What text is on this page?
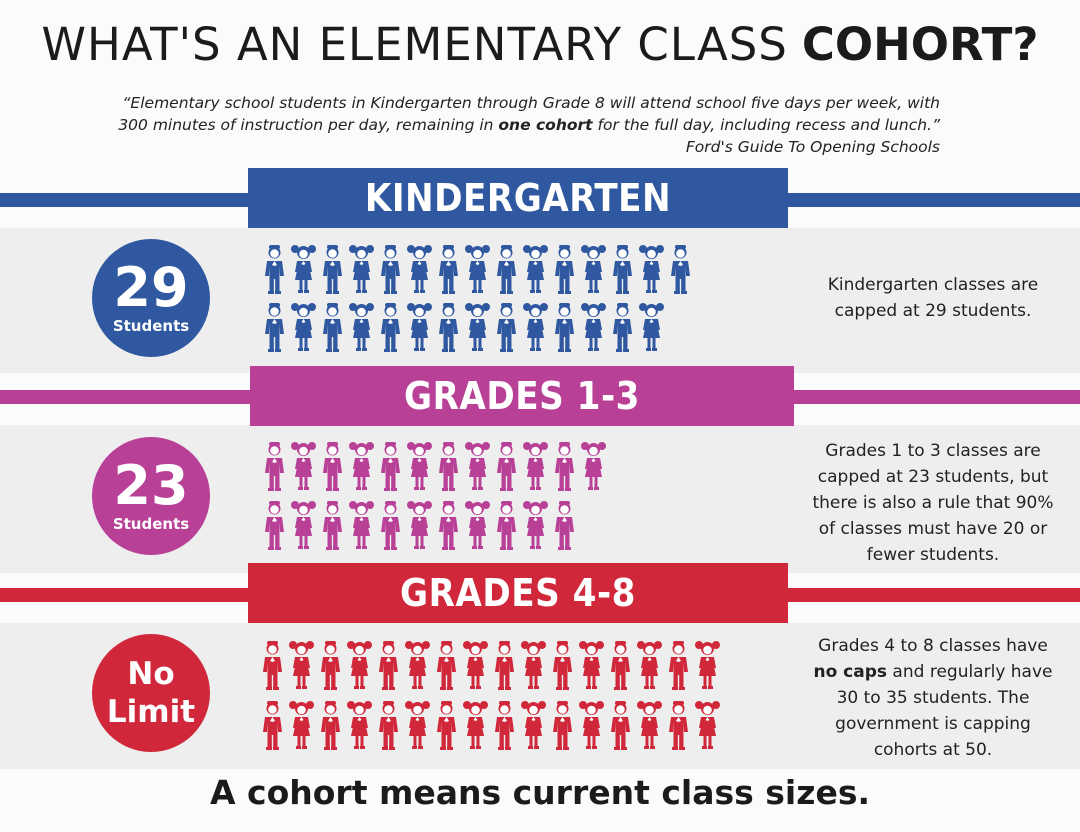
WHAT'S AN ELEMENTARY CLASS COHORT?
“Elementary school students in Kindergarten through Grade 8 will attend school five days per week, with
300 minutes of instruction per day, remaining in one cohort for the full day, including recess and lunch.”
Ford's Guide To Opening Schools
KINDERGARTEN
29
Students
Kindergarten classes are
capped at 29 students.
GRADES 1-3
23
Students
Grades 1 to 3 classes are
capped at 23 students, but
there is also a rule that 90%
of classes must have 20 or
fewer students.
GRADES 4-8
No
Limit
Grades 4 to 8 classes have
no caps and regularly have
30 to 35 students. The
government is capping
cohorts at 50.
A cohort means current class sizes.
